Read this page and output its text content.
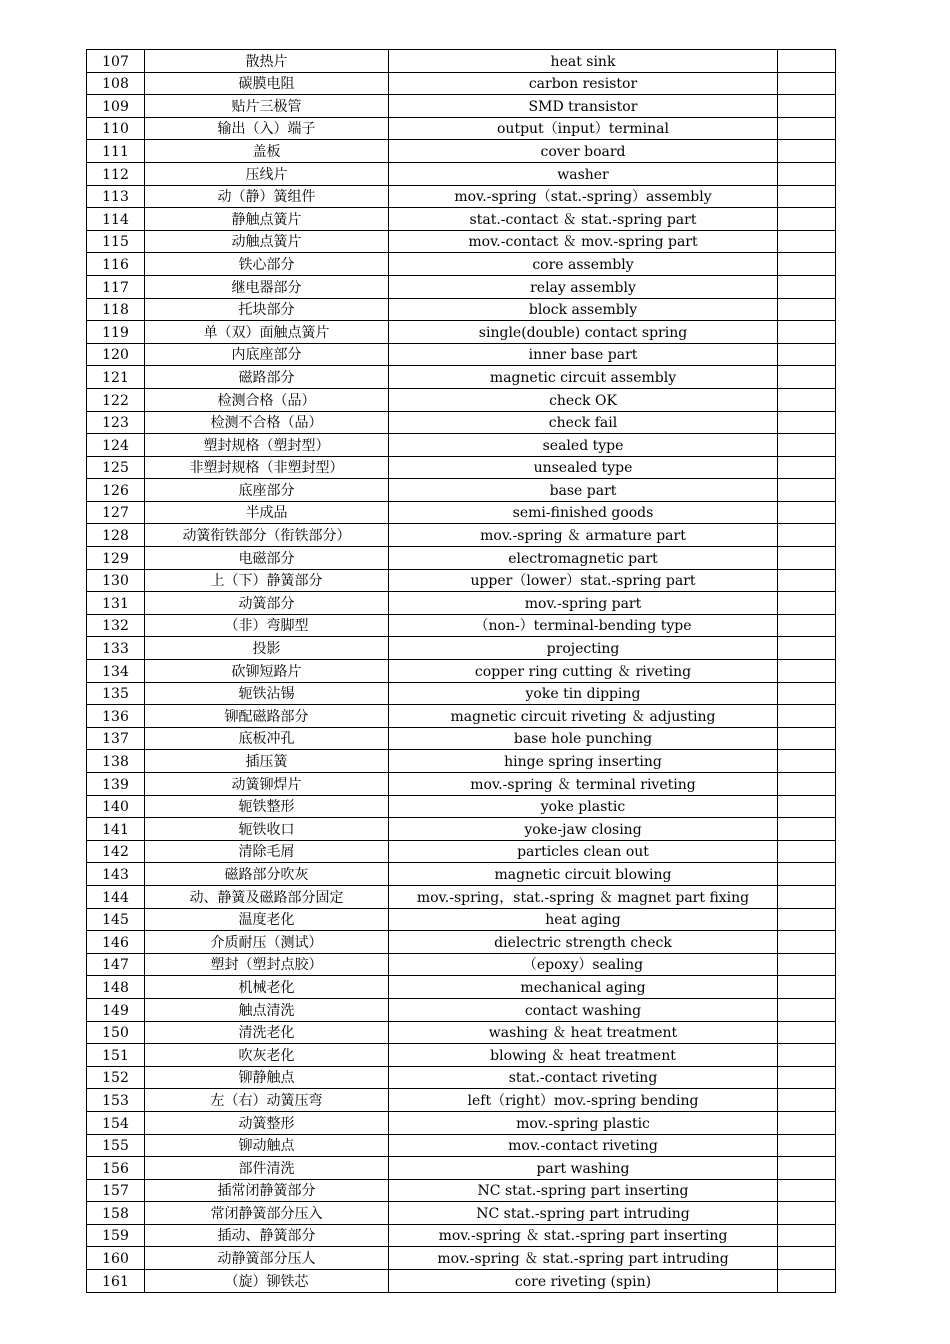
107	散热片	heat sink	
108	碳膜电阻	carbon resistor	
109	贴片三极管	SMD transistor	
110	输出（入）端子	output（input）terminal	
111	盖板	cover board	
112	压线片	washer	
113	动（静）簧组件	mov.-spring（stat.-spring）assembly	
114	静触点簧片	stat.-contact ＆ stat.-spring part	
115	动触点簧片	mov.-contact ＆ mov.-spring part	
116	铁心部分	core assembly	
117	继电器部分	relay assembly	
118	托块部分	block assembly	
119	单（双）面触点簧片	single(double) contact spring	
120	内底座部分	inner base part	
121	磁路部分	magnetic circuit assembly	
122	检测合格（品）	check OK	
123	检测不合格（品）	check fail	
124	塑封规格（塑封型）	sealed type	
125	非塑封规格（非塑封型）	unsealed type	
126	底座部分	base part	
127	半成品	semi-finished goods	
128	动簧衔铁部分（衔铁部分）	mov.-spring ＆ armature part	
129	电磁部分	electromagnetic part	
130	上（下）静簧部分	upper（lower）stat.-spring part	
131	动簧部分	mov.-spring part	
132	（非）弯脚型	（non-）terminal-bending type	
133	投影	projecting	
134	砍铆短路片	copper ring cutting ＆ riveting	
135	轭铁沾锡	yoke tin dipping	
136	铆配磁路部分	magnetic circuit riveting ＆ adjusting	
137	底板冲孔	base hole punching	
138	插压簧	hinge spring inserting	
139	动簧铆焊片	mov.-spring ＆ terminal riveting	
140	轭铁整形	yoke plastic	
141	轭铁收口	yoke-jaw closing	
142	清除毛屑	particles clean out	
143	磁路部分吹灰	magnetic circuit blowing	
144	动、静簧及磁路部分固定	mov.-spring，stat.-spring ＆ magnet part fixing	
145	温度老化	heat aging	
146	介质耐压（测试）	dielectric strength check	
147	塑封（塑封点胶）	（epoxy）sealing	
148	机械老化	mechanical aging	
149	触点清洗	contact washing	
150	清洗老化	washing ＆ heat treatment	
151	吹灰老化	blowing ＆ heat treatment	
152	铆静触点	stat.-contact riveting	
153	左（右）动簧压弯	left（right）mov.-spring bending	
154	动簧整形	mov.-spring plastic	
155	铆动触点	mov.-contact riveting	
156	部件清洗	part washing	
157	插常闭静簧部分	NC stat.-spring part inserting	
158	常闭静簧部分压入	NC stat.-spring part intruding	
159	插动、静簧部分	mov.-spring ＆ stat.-spring part inserting	
160	动静簧部分压人	mov.-spring ＆ stat.-spring part intruding	
161	（旋）铆铁芯	core riveting (spin)	
